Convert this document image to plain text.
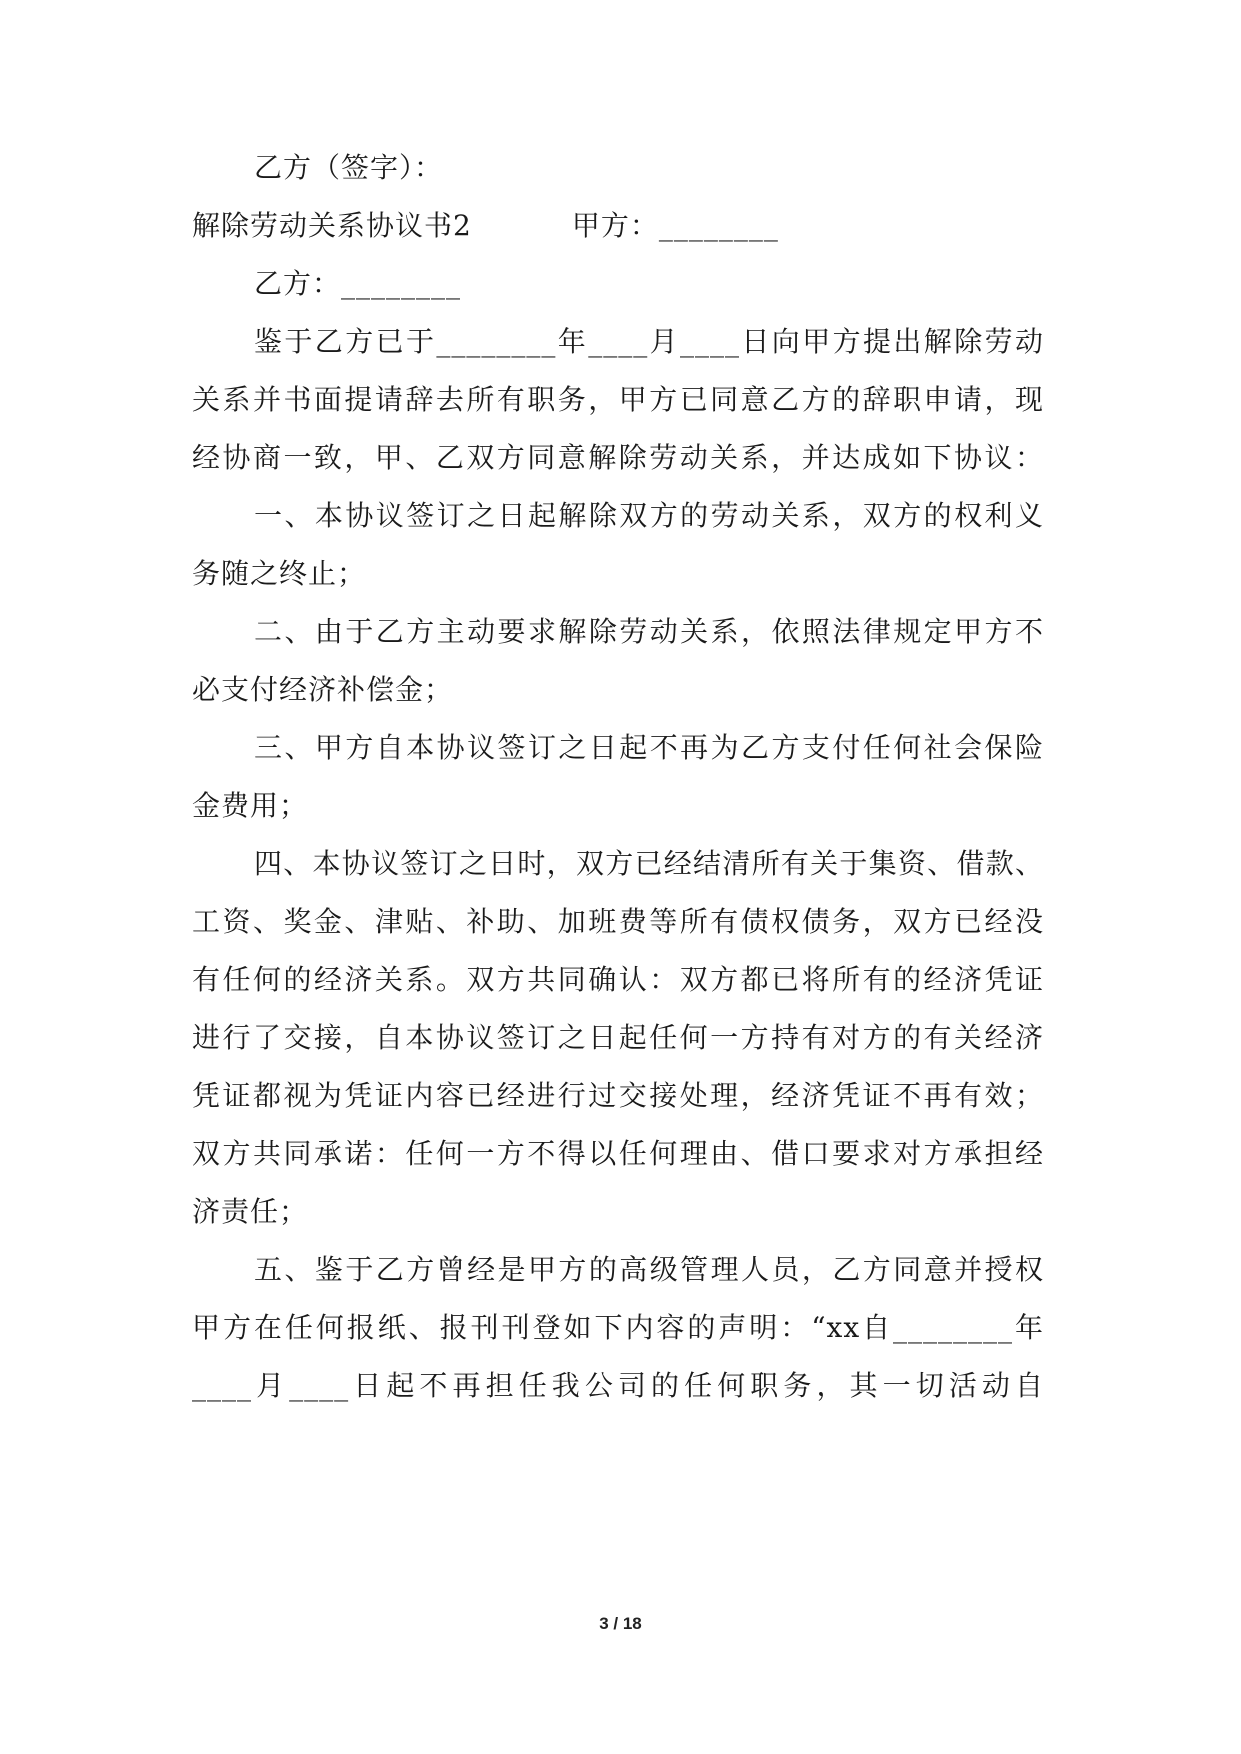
乙方（签字）：
解除劳动关系协议书2	甲方：________
乙方：________
鉴于乙方已于________年____月____日向甲方提出解除劳动
关系并书面提请辞去所有职务，甲方已同意乙方的辞职申请，现
经协商一致，甲、乙双方同意解除劳动关系，并达成如下协议：
一、本协议签订之日起解除双方的劳动关系，双方的权利义
务随之终止；
二、由于乙方主动要求解除劳动关系，依照法律规定甲方不
必支付经济补偿金；
三、甲方自本协议签订之日起不再为乙方支付任何社会保险
金费用；
四、本协议签订之日时，双方已经结清所有关于集资、借款、
工资、奖金、津贴、补助、加班费等所有债权债务，双方已经没
有任何的经济关系。双方共同确认：双方都已将所有的经济凭证
进行了交接，自本协议签订之日起任何一方持有对方的有关经济
凭证都视为凭证内容已经进行过交接处理，经济凭证不再有效；
双方共同承诺：任何一方不得以任何理由、借口要求对方承担经
济责任；
五、鉴于乙方曾经是甲方的高级管理人员，乙方同意并授权
甲方在任何报纸、报刊刊登如下内容的声明：“xx自________年
____月____日起不再担任我公司的任何职务，其一切活动自
3 / 18
